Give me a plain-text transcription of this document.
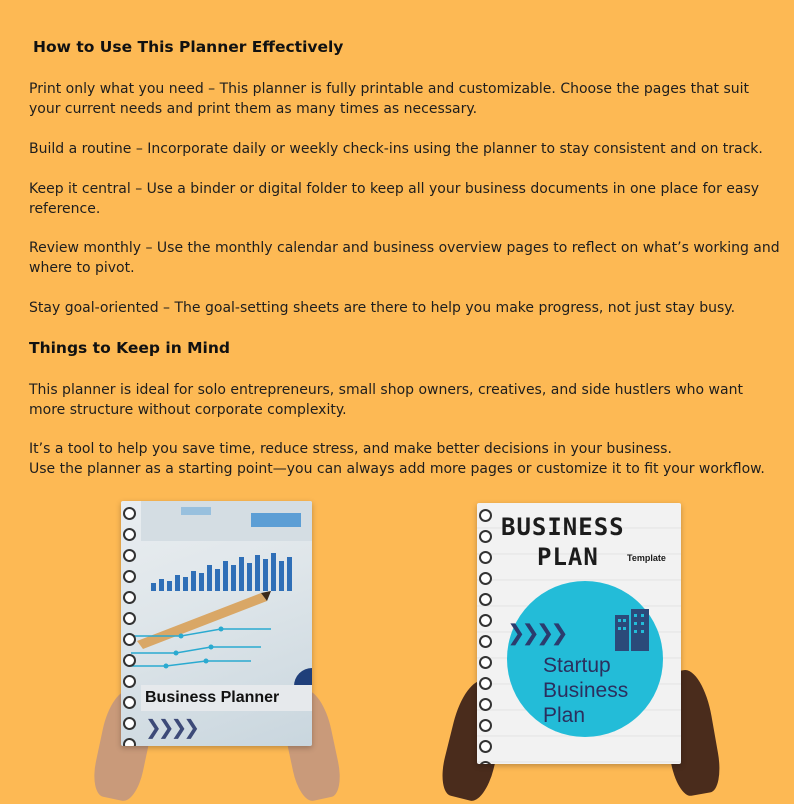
How to Use This Planner Effectively
Print only what you need – This planner is fully printable and customizable. Choose the pages that suit
your current needs and print them as many times as necessary.
Build a routine – Incorporate daily or weekly check-ins using the planner to stay consistent and on track.
Keep it central – Use a binder or digital folder to keep all your business documents in one place for easy
reference.
Review monthly – Use the monthly calendar and business overview pages to reflect on what’s working and
where to pivot.
Stay goal-oriented – The goal-setting sheets are there to help you make progress, not just stay busy.
Things to Keep in Mind
This planner is ideal for solo entrepreneurs, small shop owners, creatives, and side hustlers who want
more structure without corporate complexity.
It’s a tool to help you save time, reduce stress, and make better decisions in your business.
Use the planner as a starting point—you can always add more pages or customize it to fit your workflow.
Business Planner
❯❯❯❯
BUSINESS
PLAN	Template
❯❯❯❯
Startup
Business
Plan
